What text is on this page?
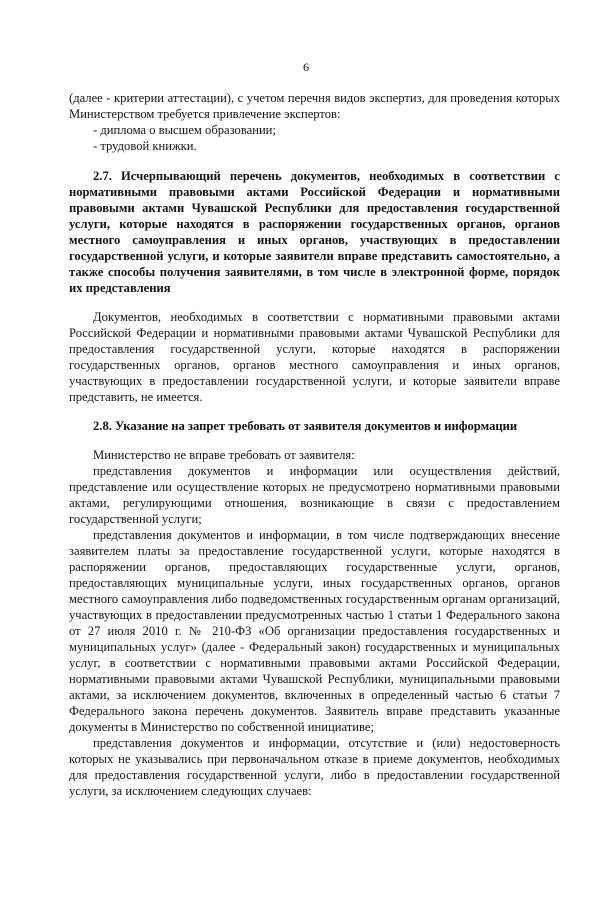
6

(далее - критерии аттестации), с учетом перечня видов экспертиз, для проведения которых Министерством требуется привлечение экспертов:

- диплома о высшем образовании;

- трудовой книжки.

2.7. Исчерпывающий перечень документов, необходимых в соответствии с нормативными правовыми актами Российской Федерации и нормативными правовыми актами Чувашской Республики для предоставления государственной услуги, которые находятся в распоряжении государственных органов, органов местного самоуправления и иных органов, участвующих в предоставлении государственной услуги, и которые заявители вправе представить самостоятельно, а также способы получения заявителями, в том числе в электронной форме, порядок их представления

Документов, необходимых в соответствии с нормативными правовыми актами Российской Федерации и нормативными правовыми актами Чувашской Республики для предоставления государственной услуги, которые находятся в распоряжении государственных органов, органов местного самоуправления и иных органов, участвующих в предоставлении государственной услуги, и которые заявители вправе представить, не имеется.

2.8. Указание на запрет требовать от заявителя документов и информации

Министерство не вправе требовать от заявителя:

представления документов и информации или осуществления действий, представление или осуществление которых не предусмотрено нормативными правовыми актами, регулирующими отношения, возникающие в связи с предоставлением государственной услуги;

представления документов и информации, в том числе подтверждающих внесение заявителем платы за предоставление государственной услуги, которые находятся в распоряжении органов, предоставляющих государственные услуги, органов, предоставляющих муниципальные услуги, иных государственных органов, органов местного самоуправления либо подведомственных государственным органам организаций, участвующих в предоставлении предусмотренных частью 1 статьи 1 Федерального закона от 27 июля 2010 г. № 210-ФЗ «Об организации предоставления государственных и муниципальных услуг» (далее - Федеральный закон) государственных и муниципальных услуг, в соответствии с нормативными правовыми актами Российской Федерации, нормативными правовыми актами Чувашской Республики, муниципальными правовыми актами, за исключением документов, включенных в определенный частью 6 статьи 7 Федерального закона перечень документов. Заявитель вправе представить указанные документы в Министерство по собственной инициативе;

представления документов и информации, отсутствие и (или) недостоверность которых не указывались при первоначальном отказе в приеме документов, необходимых для предоставления государственной услуги, либо в предоставлении государственной услуги, за исключением следующих случаев:
